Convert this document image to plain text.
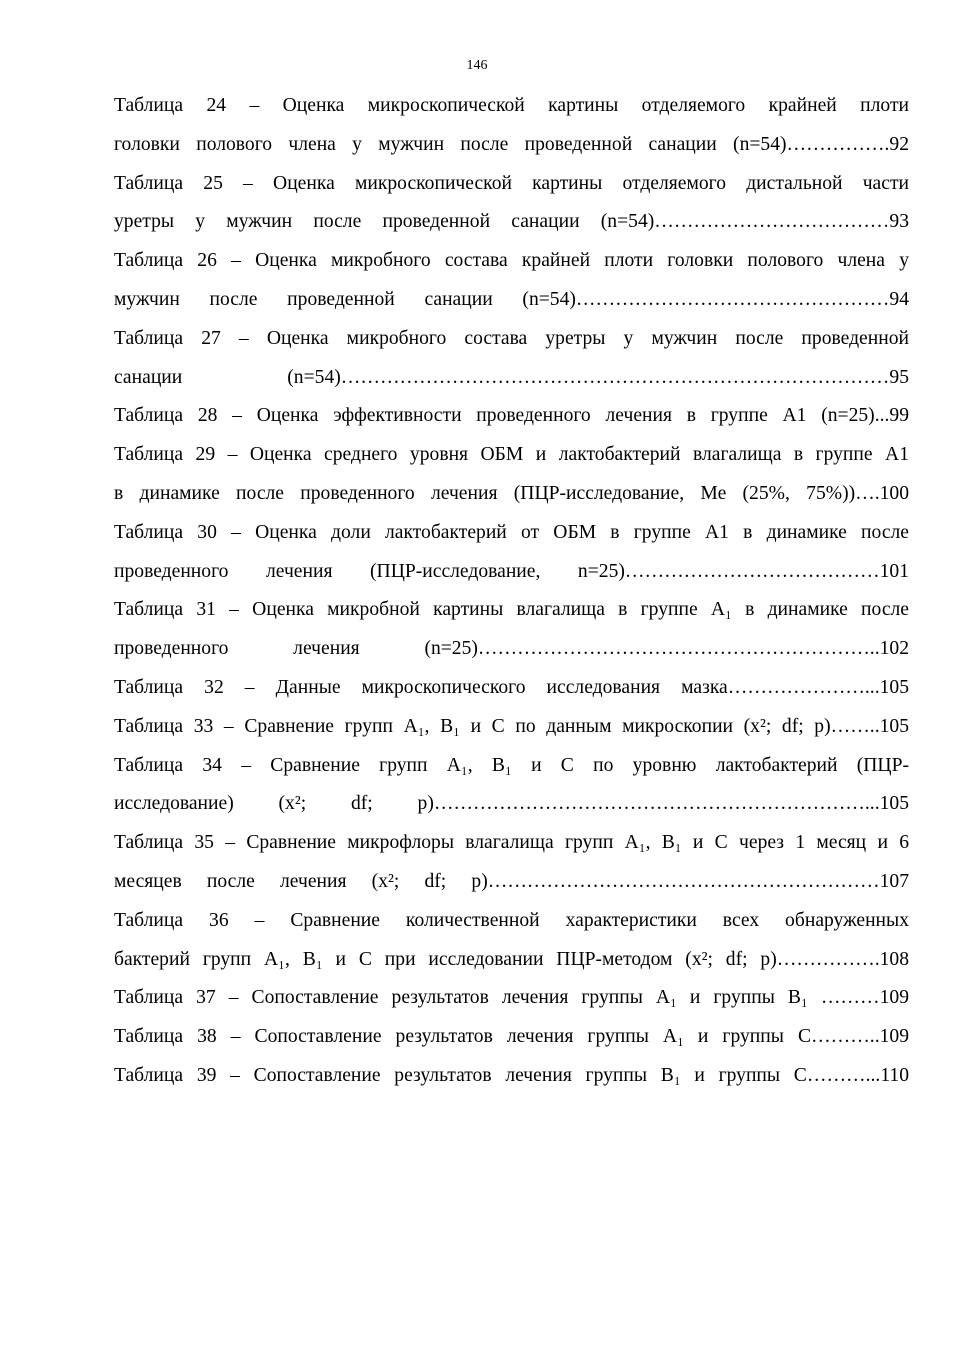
146
Таблица 24 – Оценка микроскопической картины отделяемого крайней плоти
головки полового члена у мужчин после проведенной санации (n=54)…………….92
Таблица 25 – Оценка микроскопической картины отделяемого дистальной части
уретры у мужчин после проведенной санации (n=54)………………………………93
Таблица 26 – Оценка микробного состава крайней плоти головки полового члена у
мужчин после проведенной санации (n=54)…………………………………………94
Таблица 27 – Оценка микробного состава уретры у мужчин после проведенной
санации (n=54)…………………………………………………………………………95
Таблица 28 – Оценка эффективности проведенного лечения в группе А1 (n=25)...99
Таблица 29 – Оценка среднего уровня ОБМ и лактобактерий влагалища в группе А1
в динамике после проведенного лечения (ПЦР-исследование, Ме (25%, 75%))….100
Таблица 30 – Оценка доли лактобактерий от ОБМ в группе А1 в динамике после
проведенного лечения (ПЦР-исследование, n=25)…………………………………101
Таблица 31 – Оценка микробной картины влагалища в группе А₁ в динамике после
проведенного лечения (n=25)……………………………………………………..102
Таблица 32 – Данные микроскопического исследования мазка…………………...105
Таблица 33 – Сравнение групп А₁, В₁ и С по данным микроскопии (x²; df; p)……..105
Таблица 34 – Сравнение групп А₁, В₁ и С по уровню лактобактерий (ПЦР-
исследование) (x²; df; p)…………………………………………………………...105
Таблица 35 – Сравнение микрофлоры влагалища групп А₁, В₁ и С через 1 месяц и 6
месяцев после лечения (x²; df; p)……………………………………………………107
Таблица 36 – Сравнение количественной характеристики всех обнаруженных
бактерий групп А₁, В₁ и С при исследовании ПЦР-методом (x²; df; p)…………….108
Таблица 37 – Сопоставление результатов лечения группы А₁ и группы В₁ ………109
Таблица 38 – Сопоставление результатов лечения группы А₁ и группы С………..109
Таблица 39 – Сопоставление результатов лечения группы В₁ и группы С………...110
